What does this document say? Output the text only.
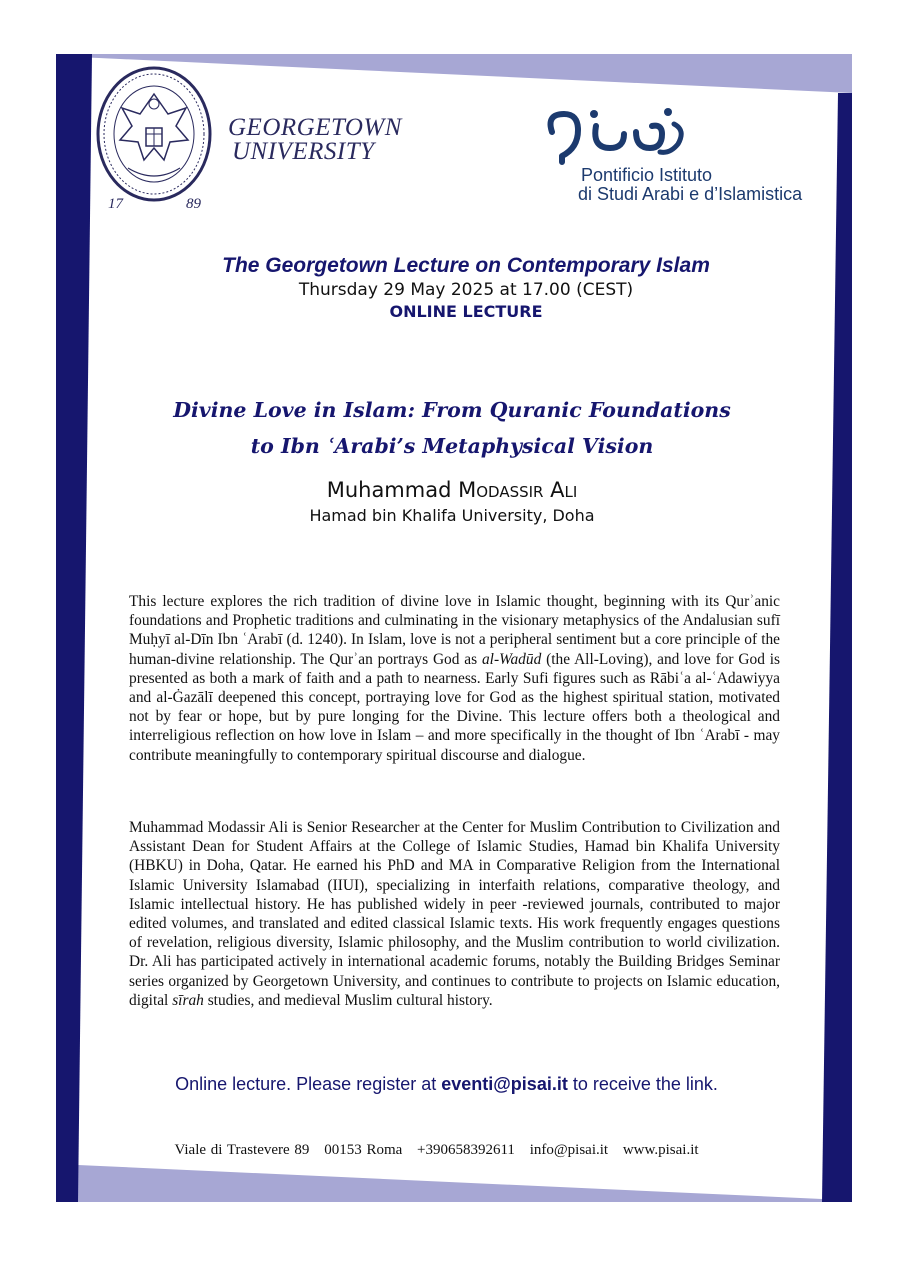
17	89
GEORGETOWN
UNIVERSITY
Pontificio Istituto
di Studi Arabi e d’Islamistica
The Georgetown Lecture on Contemporary Islam
Thursday 29 May 2025 at 17.00 (CEST)
ONLINE LECTURE
Divine Love in Islam: From Quranic Foundations
to Ibn ʿArabi’s Metaphysical Vision
Muhammad Modassir Ali
Hamad bin Khalifa University, Doha

This lecture explores the rich tradition of divine love in Islamic thought, beginning with its Qurʾanic foundations and Prophetic traditions and culminating in the visionary metaphysics of the Andalusian sufī Muḥyī al-Dīn Ibn ʿArabī (d. 1240). In Islam, love is not a peripheral sentiment but a core principle of the human-divine relationship. The Qurʾan portrays God as al-Wadūd (the All-Loving), and love for God is presented as both a mark of faith and a path to nearness. Early Sufi figures such as Rābiʿa al-ʿAdawiyya and al-Ġazālī deepened this concept, portraying love for God as the highest spiritual station, motivated not by fear or hope, but by pure longing for the Divine. This lecture offers both a theological and interreligious reflection on how love in Islam – and more specifically in the thought of Ibn ʿArabī - may contribute meaningfully to contemporary spiritual discourse and dialogue.

Muhammad Modassir Ali is Senior Researcher at the Center for Muslim Contribution to Civilization and Assistant Dean for Student Affairs at the College of Islamic Studies, Hamad bin Khalifa University (HBKU) in Doha, Qatar. He earned his PhD and MA in Comparative Religion from the International Islamic University Islamabad (IIUI), specializing in interfaith relations, comparative theology, and Islamic intellectual history. He has published widely in peer -reviewed journals, contributed to major edited volumes, and translated and edited classical Islamic texts. His work frequently engages questions of revelation, religious diversity, Islamic philosophy, and the Muslim contribution to world civilization. Dr. Ali has participated actively in international academic forums, notably the Building Bridges Seminar series organized by Georgetown University, and continues to contribute to projects on Islamic education, digital sīrah studies, and medieval Muslim cultural history.

Online lecture. Please register at eventi@pisai.it to receive the link.
Viale di Trastevere 89 00153 Roma +390658392611 info@pisai.it www.pisai.it
